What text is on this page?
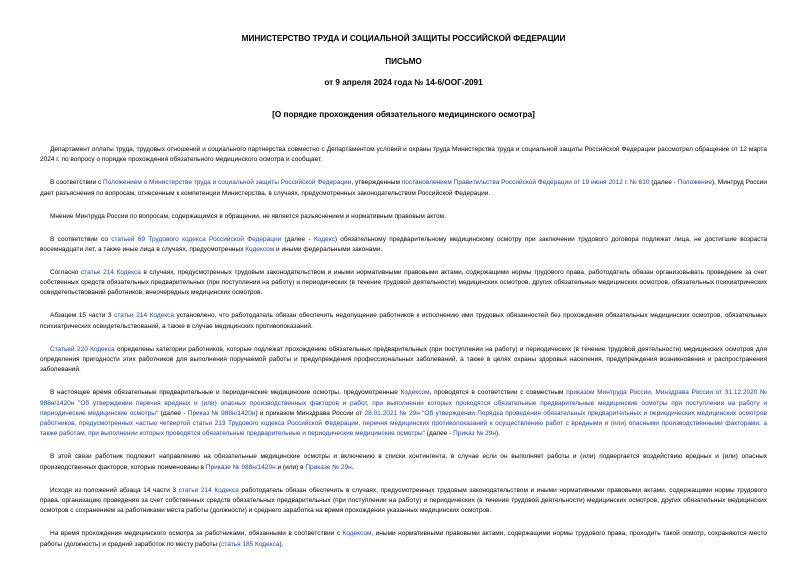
МИНИСТЕРСТВО ТРУДА И СОЦИАЛЬНОЙ ЗАЩИТЫ РОССИЙСКОЙ ФЕДЕРАЦИИ
ПИСЬМО
от 9 апреля 2024 года № 14-6/ООГ-2091
[О порядке прохождения обязательного медицинского осмотра]

Департамент оплаты труда, трудовых отношений и социального партнерства совместно с Департаментом условий и охраны труда Министерства труда и социальной защиты Российской Федерации рассмотрел обращение от 12 марта 2024 г. по вопросу о порядке прохождения обязательного медицинского осмотра и сообщает.

В соответствии с Положением о Министерстве труда и социальной защиты Российской Федерации, утвержденным постановлением Правительства Российской Федерации от 19 июня 2012 г. № 610 (далее - Положение), Минтруд России дает разъяснения по вопросам, отнесенным к компетенции Министерства, в случаях, предусмотренных законодательством Российской Федерации.

Мнение Минтруда России по вопросам, содержащимся в обращении, не является разъяснением и нормативным правовым актом.

В соответствии со статьей 69 Трудового кодекса Российской Федерации (далее - Кодекс) обязательному предварительному медицинскому осмотру при заключении трудового договора подлежат лица, не достигшие возраста восемнадцати лет, а также иные лица в случаях, предусмотренных Кодексом и иными федеральными законами.

Согласно статье 214 Кодекса в случаях, предусмотренных трудовым законодательством и иными нормативными правовыми актами, содержащими нормы трудового права, работодатель обязан организовывать проведение за счет собственных средств обязательных предварительных (при поступлении на работу) и периодических (в течение трудовой деятельности) медицинских осмотров, других обязательных медицинских осмотров, обязательных психиатрических освидетельствований работников, внеочередных медицинских осмотров.

Абзацем 15 части 3 статьи 214 Кодекса установлено, что работодатель обязан обеспечить недопущение работников к исполнению ими трудовых обязанностей без прохождения обязательных медицинских осмотров, обязательных психиатрических освидетельствований, а также в случае медицинских противопоказаний.

Статьей 220 Кодекса определены категории работников, которые подлежат прохождению обязательных предварительных (при поступлении на работу) и периодических (в течение трудовой деятельности) медицинских осмотров для определения пригодности этих работников для выполнения поручаемой работы и предупреждения профессиональных заболеваний, а также в целях охраны здоровья населения, предупреждения возникновения и распространения заболеваний.

В настоящее время обязательные предварительные и периодические медицинские осмотры, предусмотренные Кодексом, проводятся в соответствии с совместным приказом Минтруда России, Минздрава России от 31.12.2020 № 988н/1420н "Об утверждении перечня вредных и (или) опасных производственных факторов и работ, при выполнении которых проводятся обязательные предварительные медицинские осмотры при поступлении на работу и периодические медицинские осмотры" (далее - Приказ № 988н/1420н) и приказом Минздрава России от 28.01.2021 № 29н "Об утверждении Порядка проведения обязательных предварительных и периодических медицинских осмотров работников, предусмотренных частью четвертой статьи 213 Трудового кодекса Российской Федерации, перечня медицинских противопоказаний к осуществлению работ с вредными и (или) опасными производственными факторами, а также работам, при выполнении которых проводятся обязательные предварительные и периодические медицинские осмотры" (далее - Приказ № 29н).

В этой связи работник подлежит направлению на обязательные медицинские осмотры и включению в списки контингента, в случае если он выполняет работы и (или) подвергается воздействию вредных и (или) опасных производственных факторов, которые поименованы в Приказе № 988н/1420н и (или) в Приказе № 29н.

Исходя из положений абзаца 14 части 3 статьи 214 Кодекса работодатель обязан обеспечить в случаях, предусмотренных трудовым законодательством и иными нормативными правовыми актами, содержащими нормы трудового права, организацию проведения за счет собственных средств обязательных предварительных (при поступлении на работу) и периодических (в течение трудовой деятельности) медицинских осмотров, других обязательных медицинских осмотров с сохранением за работниками места работы (должности) и среднего заработка на время прохождения указанных медицинских осмотров.

На время прохождения медицинского осмотра за работниками, обязанными в соответствии с Кодексом, иными нормативными правовыми актами, содержащими нормы трудового права, проходить такой осмотр, сохраняются место работы (должность) и средний заработок по месту работы (статья 185 Кодекса).
